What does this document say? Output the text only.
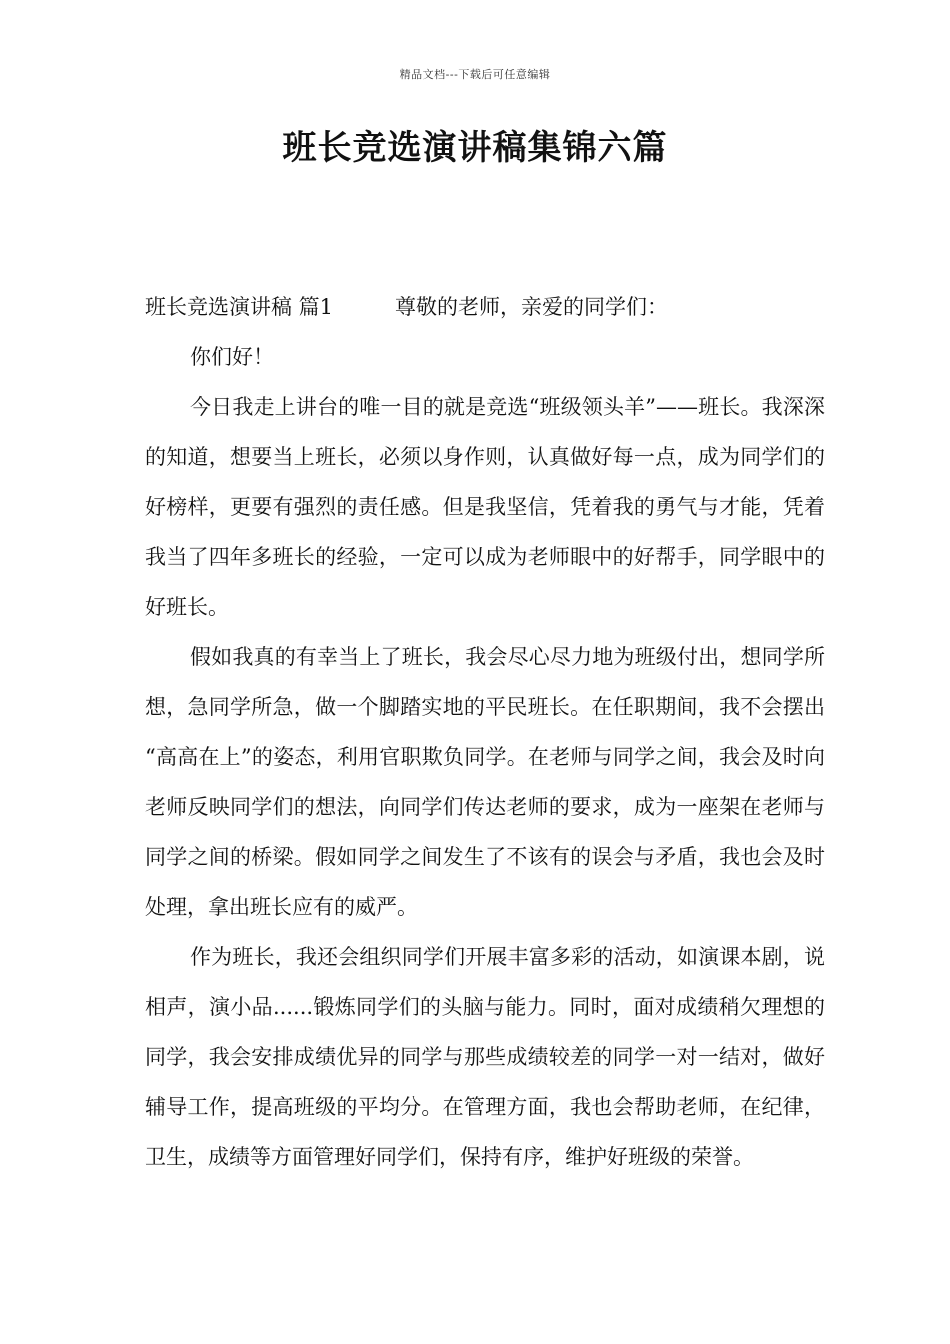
精品文档---下载后可任意编辑
班长竞选演讲稿集锦六篇

班长竞选演讲稿 篇1	尊敬的老师，亲爱的同学们：

你们好！

今日我走上讲台的唯一目的就是竞选“班级领头羊”——班长。我深深的知道，想要当上班长，必须以身作则，认真做好每一点，成为同学们的好榜样，更要有强烈的责任感。但是我坚信，凭着我的勇气与才能，凭着我当了四年多班长的经验，一定可以成为老师眼中的好帮手，同学眼中的好班长。

假如我真的有幸当上了班长，我会尽心尽力地为班级付出，想同学所想，急同学所急，做一个脚踏实地的平民班长。在任职期间，我不会摆出“高高在上”的姿态，利用官职欺负同学。在老师与同学之间，我会及时向老师反映同学们的想法，向同学们传达老师的要求，成为一座架在老师与同学之间的桥梁。假如同学之间发生了不该有的误会与矛盾，我也会及时处理，拿出班长应有的威严。

作为班长，我还会组织同学们开展丰富多彩的活动，如演课本剧，说相声，演小品......锻炼同学们的头脑与能力。同时，面对成绩稍欠理想的同学，我会安排成绩优异的同学与那些成绩较差的同学一对一结对，做好辅导工作，提高班级的平均分。在管理方面，我也会帮助老师，在纪律，卫生，成绩等方面管理好同学们，保持有序，维护好班级的荣誉。
